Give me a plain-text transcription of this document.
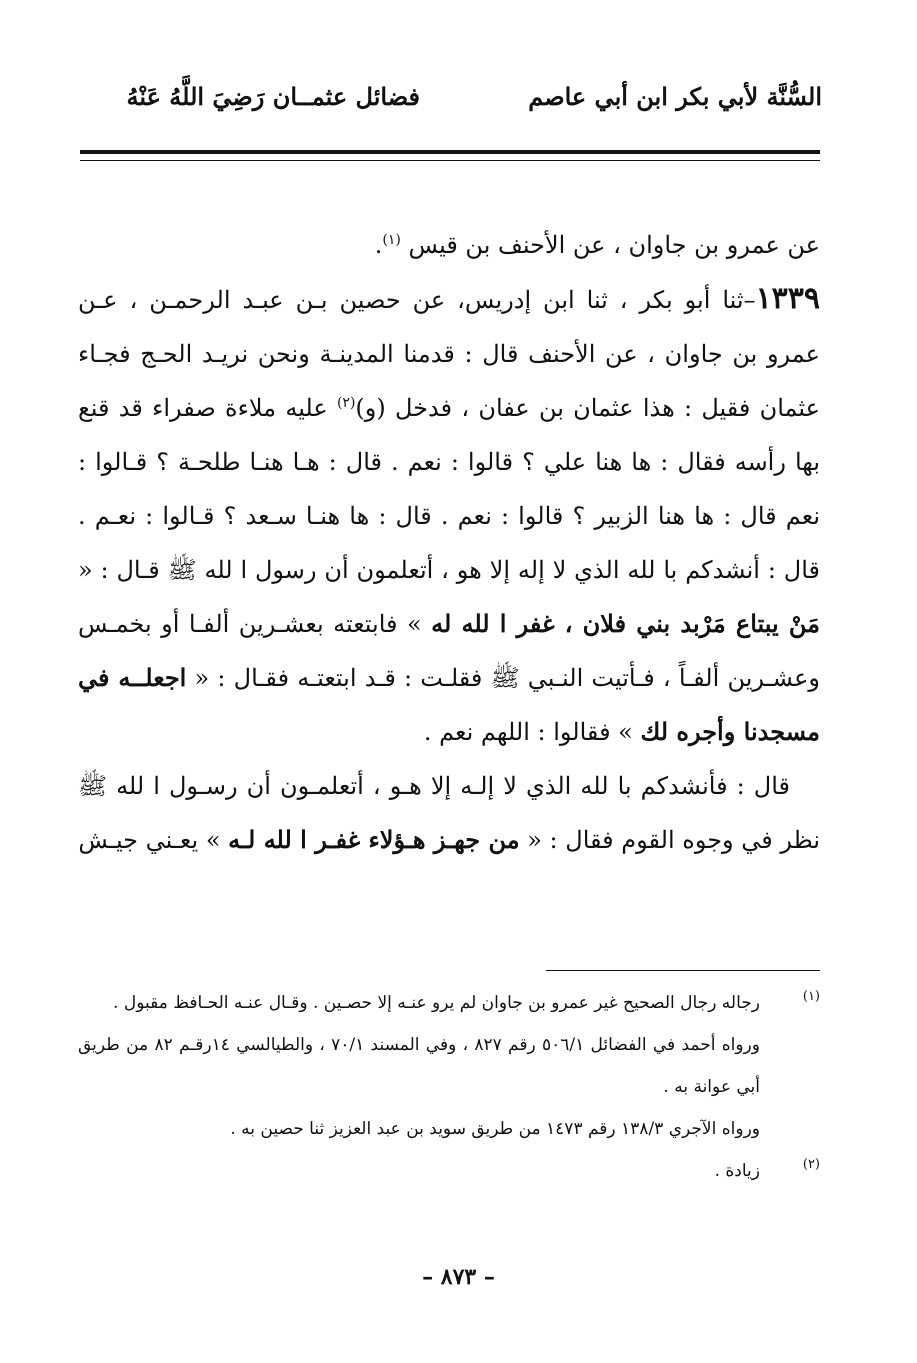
السُّنَّة لأبي بكر ابن أبي عاصم
فضائل عثمــان رَضِيَ اللَّهُ عَنْهُ

عن عمرو بن جاوان ، عن الأحنف بن قيس $^{(١)}$.

١٣٣٩–ثنا أبو بكر ، ثنا ابن إدريس، عن حصين بـن عبـد الرحمـن ، عـن عمرو بن جاوان ، عن الأحنف قال : قدمنا المدينـة ونحن نريـد الحـج فجـاء عثمان فقيل : هذا عثمان بن عفان ، فدخل (و)$^{(٢)}$ عليه ملاءة صفراء قد قنع بها رأسه فقال : ها هنا علي ؟ قالوا : نعم . قال : هـا هنـا طلحـة ؟ قـالوا : نعم قال : ها هنا الزبير ؟ قالوا : نعم . قال : ها هنـا سـعد ؟ قـالوا : نعـم . قال : أنشدكم با لله الذي لا إله إلا هو ، أتعلمون أن رسول ا لله ﷺ قـال : « مَنْ يبتاع مَرْبد بني فلان ، غفر ا لله له » فابتعته بعشـرين ألفـا أو بخمـس وعشـرين ألفـاً ، فـأتيت النـبي ﷺ فقلـت : قـد ابتعتـه فقـال : « اجعلــه في مسجدنا وأجره لك » فقالوا : اللهم نعم .

قال : فأنشدكم با لله الذي لا إلـه إلا هـو ، أتعلمـون أن رسـول ا لله ﷺ نظر في وجوه القوم فقال : « من جهـز هـؤلاء غفـر ا لله لـه » يعـني جيـش

(١)
رجاله رجال الصحيح غير عمرو بن جاوان لم يرو عنـه إلا حصـين . وقـال عنـه الحـافظ مقبول .
ورواه أحمد في الفضائل ٥٠٦/١ رقم ٨٢٧ ، وفي المسند ٧٠/١ ، والطيالسي ١٤رقـم ٨٢ من طريق أبي عوانة به .
ورواه الآجري ١٣٨/٣ رقم ١٤٧٣ من طريق سويد بن عبد العزيز ثنا حصين به .
(٢)
زيادة .
– ٨٧٣ –
